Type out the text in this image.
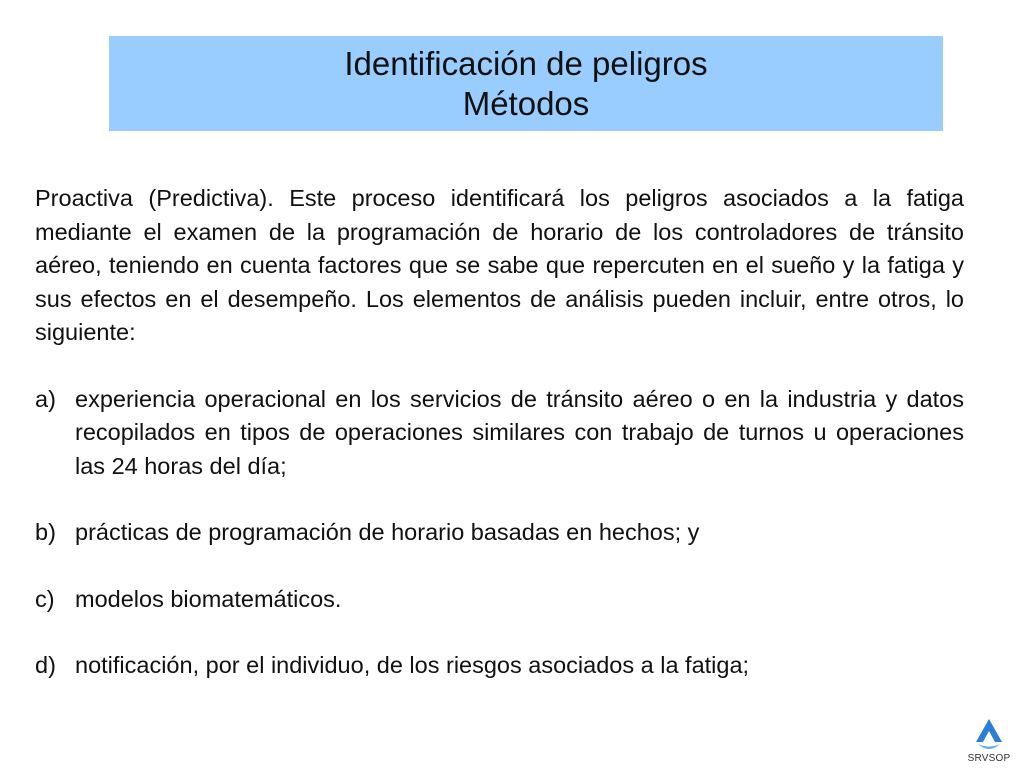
Identificación de peligros
Métodos

Proactiva (Predictiva). Este proceso identificará los peligros asociados a la fatiga mediante el examen de la programación de horario de los controladores de tránsito aéreo, teniendo en cuenta factores que se sabe que repercuten en el sueño y la fatiga y sus efectos en el desempeño. Los elementos de análisis pueden incluir, entre otros, lo siguiente:

a) experiencia operacional en los servicios de tránsito aéreo o en la industria y datos recopilados en tipos de operaciones similares con trabajo de turnos u operaciones las 24 horas del día;
b) prácticas de programación de horario basadas en hechos; y
c) modelos biomatemáticos.
d) notificación, por el individuo, de los riesgos asociados a la fatiga;
SRVSOP
